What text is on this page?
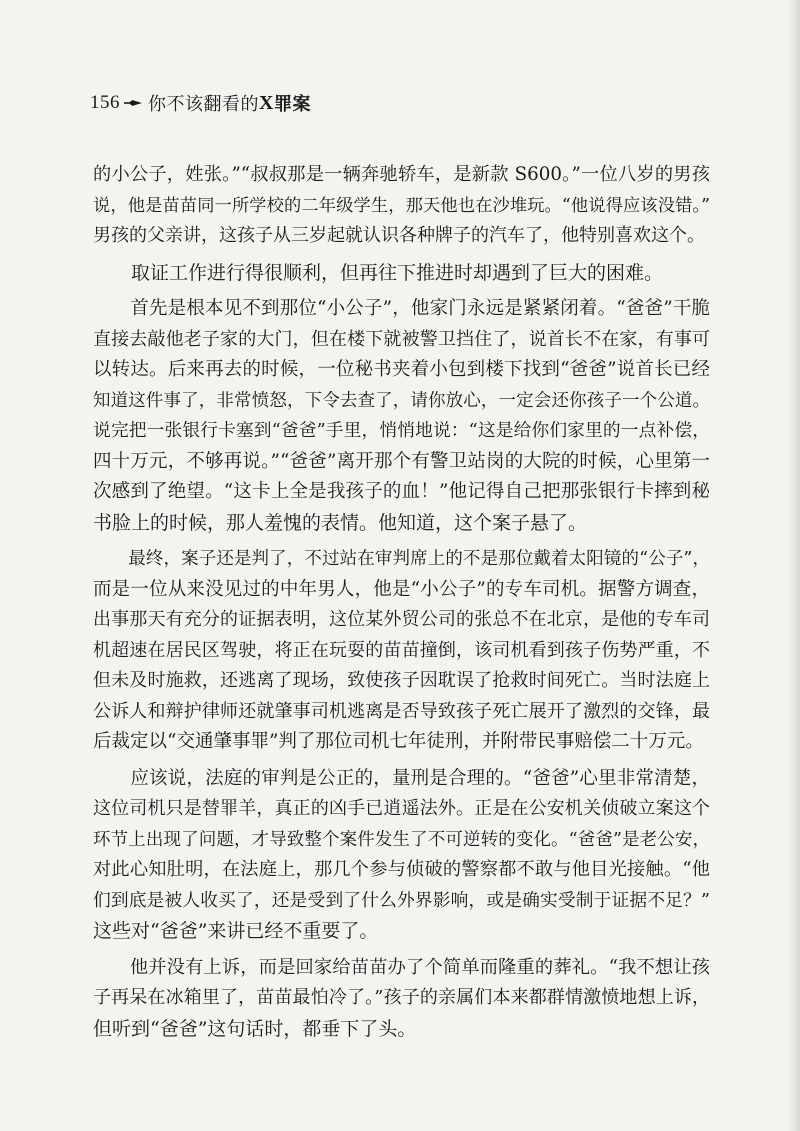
156 你不该翻看的 X 罪案
的小公子，姓张。”“叔叔那是一辆奔驰轿车，是新款 S600。”一位八岁的男孩
说，他是苗苗同一所学校的二年级学生，那天他也在沙堆玩。“他说得应该没错。”
男孩的父亲讲，这孩子从三岁起就认识各种牌子的汽车了，他特别喜欢这个。
　　取证工作进行得很顺利，但再往下推进时却遇到了巨大的困难。
　　首先是根本见不到那位“小公子”，他家门永远是紧紧闭着。“爸爸”干脆
直接去敲他老子家的大门，但在楼下就被警卫挡住了，说首长不在家，有事可
以转达。后来再去的时候，一位秘书夹着小包到楼下找到“爸爸”说首长已经
知道这件事了，非常愤怒，下令去查了，请你放心，一定会还你孩子一个公道。
说完把一张银行卡塞到“爸爸”手里，悄悄地说：“这是给你们家里的一点补偿，
四十万元，不够再说。”“爸爸”离开那个有警卫站岗的大院的时候，心里第一
次感到了绝望。“这卡上全是我孩子的血！”他记得自己把那张银行卡摔到秘
书脸上的时候，那人羞愧的表情。他知道，这个案子悬了。
　　最终，案子还是判了，不过站在审判席上的不是那位戴着太阳镜的“公子”，
而是一位从来没见过的中年男人，他是“小公子”的专车司机。据警方调查，
出事那天有充分的证据表明，这位某外贸公司的张总不在北京，是他的专车司
机超速在居民区驾驶，将正在玩耍的苗苗撞倒，该司机看到孩子伤势严重，不
但未及时施救，还逃离了现场，致使孩子因耽误了抢救时间死亡。当时法庭上
公诉人和辩护律师还就肇事司机逃离是否导致孩子死亡展开了激烈的交锋，最
后裁定以“交通肇事罪”判了那位司机七年徒刑，并附带民事赔偿二十万元。
　　应该说，法庭的审判是公正的，量刑是合理的。“爸爸”心里非常清楚，
这位司机只是替罪羊，真正的凶手已逍遥法外。正是在公安机关侦破立案这个
环节上出现了问题，才导致整个案件发生了不可逆转的变化。“爸爸”是老公安，
对此心知肚明，在法庭上，那几个参与侦破的警察都不敢与他目光接触。“他
们到底是被人收买了，还是受到了什么外界影响，或是确实受制于证据不足？”
这些对“爸爸”来讲已经不重要了。
　　他并没有上诉，而是回家给苗苗办了个简单而隆重的葬礼。“我不想让孩
子再呆在冰箱里了，苗苗最怕冷了。”孩子的亲属们本来都群情激愤地想上诉，
但听到“爸爸”这句话时，都垂下了头。
